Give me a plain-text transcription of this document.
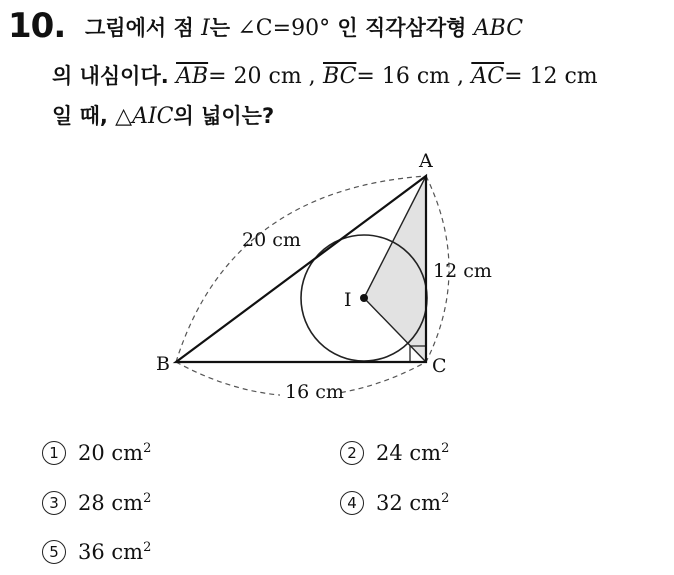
10. 그림에서 점 I는 ∠C=90° 인 직각삼각형 ABC
의 내심이다. $\overline{AB}= 20$ cm , $\overline{BC}= 16$ cm , $\overline{AC}= 12$ cm
일 때, △AIC의 넓이는?
A
B	C
I
20 cm
12 cm
16 cm
1 20 $cm^2$	2 24 $cm^2$
3 28 $cm^2$	4 32 $cm^2$
5 36 $cm^2$
